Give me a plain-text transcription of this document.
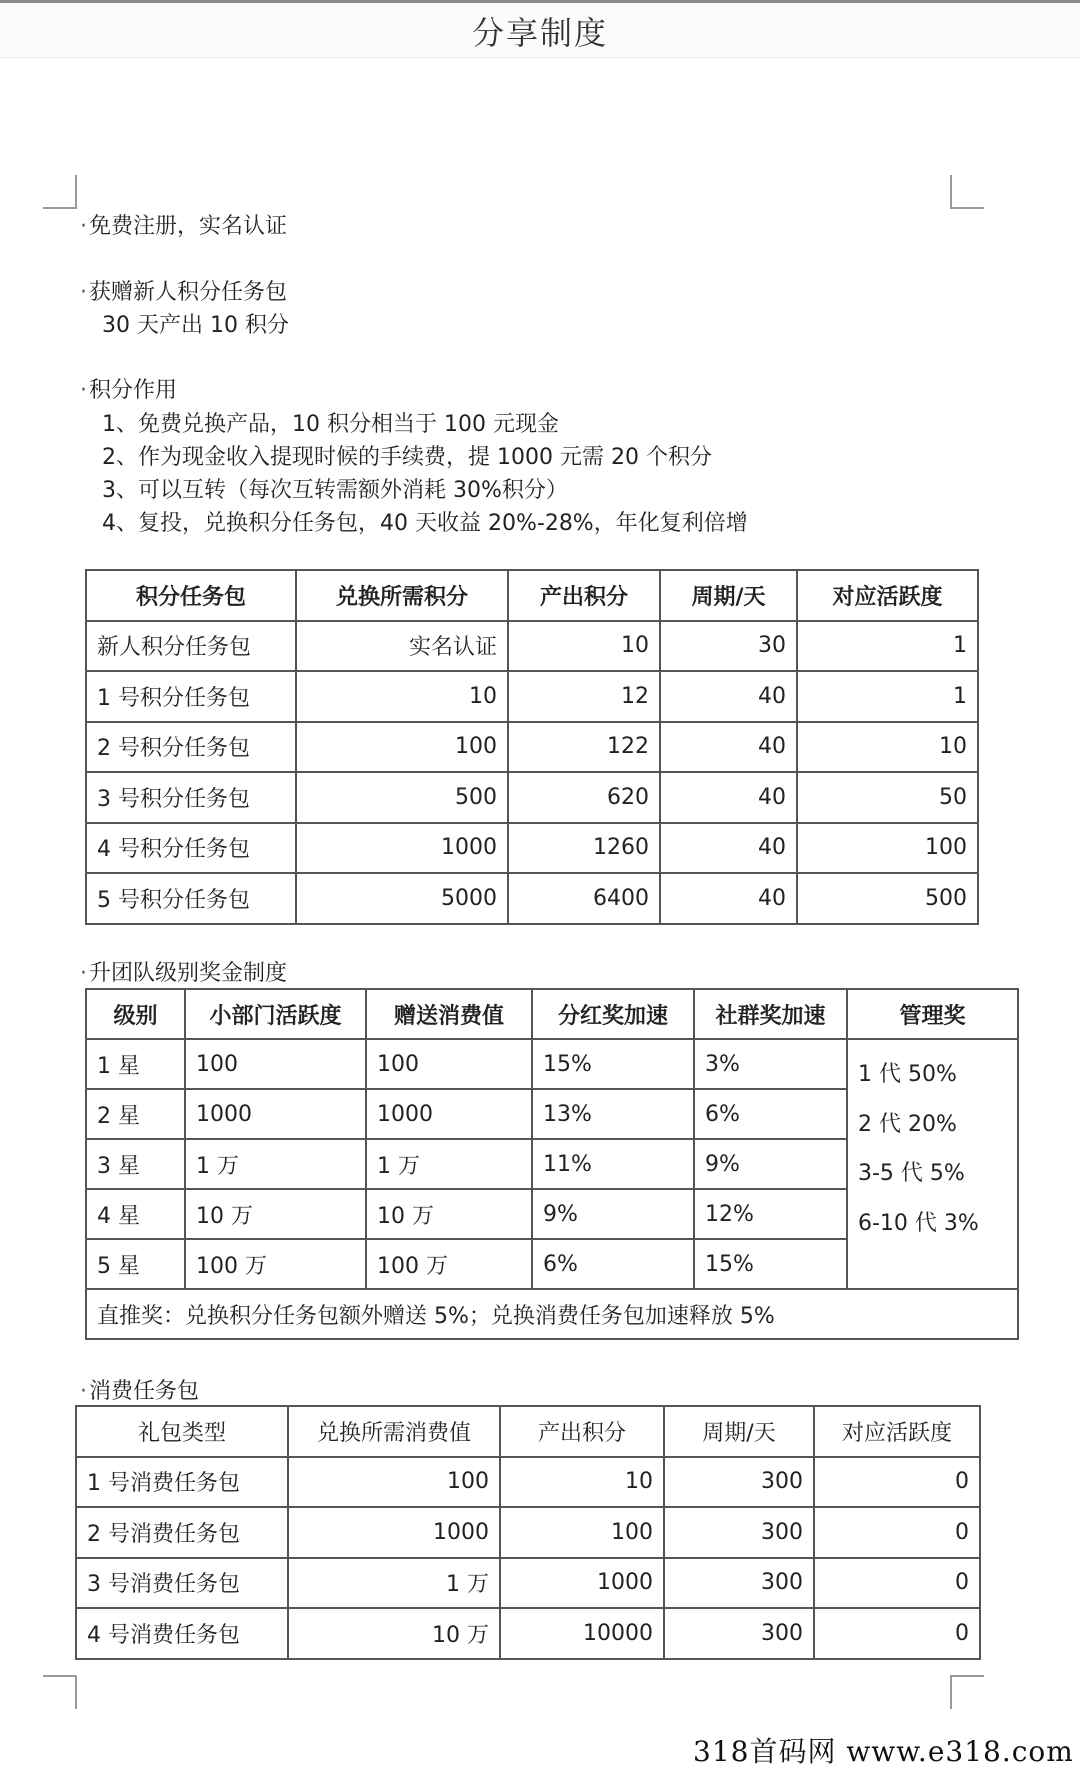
分享制度
· 免费注册，实名认证
· 获赠新人积分任务包
30 天产出 10 积分
· 积分作用
1、免费兑换产品，10 积分相当于 100 元现金
2、作为现金收入提现时候的手续费，提 1000 元需 20 个积分
3、可以互转（每次互转需额外消耗 30%积分）
4、复投，兑换积分任务包，40 天收益 20%-28%，年化复利倍增
积分任务包	兑换所需积分	产出积分	周期/天	对应活跃度
新人积分任务包	实名认证	10	30	1
1 号积分任务包	10	12	40	1
2 号积分任务包	100	122	40	10
3 号积分任务包	500	620	40	50
4 号积分任务包	1000	1260	40	100
5 号积分任务包	5000	6400	40	500
· 升团队级别奖金制度
级别	小部门活跃度	赠送消费值	分红奖加速	社群奖加速	管理奖
1 星	100	100	15%	3%	1 代 50%
2 代 20%
3-5 代 5%
6-10 代 3%

2 星	1000	1000	13%	6%	
3 星	1 万	1 万	11%	9%	
4 星	10 万	10 万	9%	12%	
5 星	100 万	100 万	6%	15%	
直推奖：兑换积分任务包额外赠送 5%；兑换消费任务包加速释放 5%					
· 消费任务包
礼包类型	兑换所需消费值	产出积分	周期/天	对应活跃度
1 号消费任务包	100	10	300	0
2 号消费任务包	1000	100	300	0
3 号消费任务包	1 万	1000	300	0
4 号消费任务包	10 万	10000	300	0
318首码网 www.e318.com
